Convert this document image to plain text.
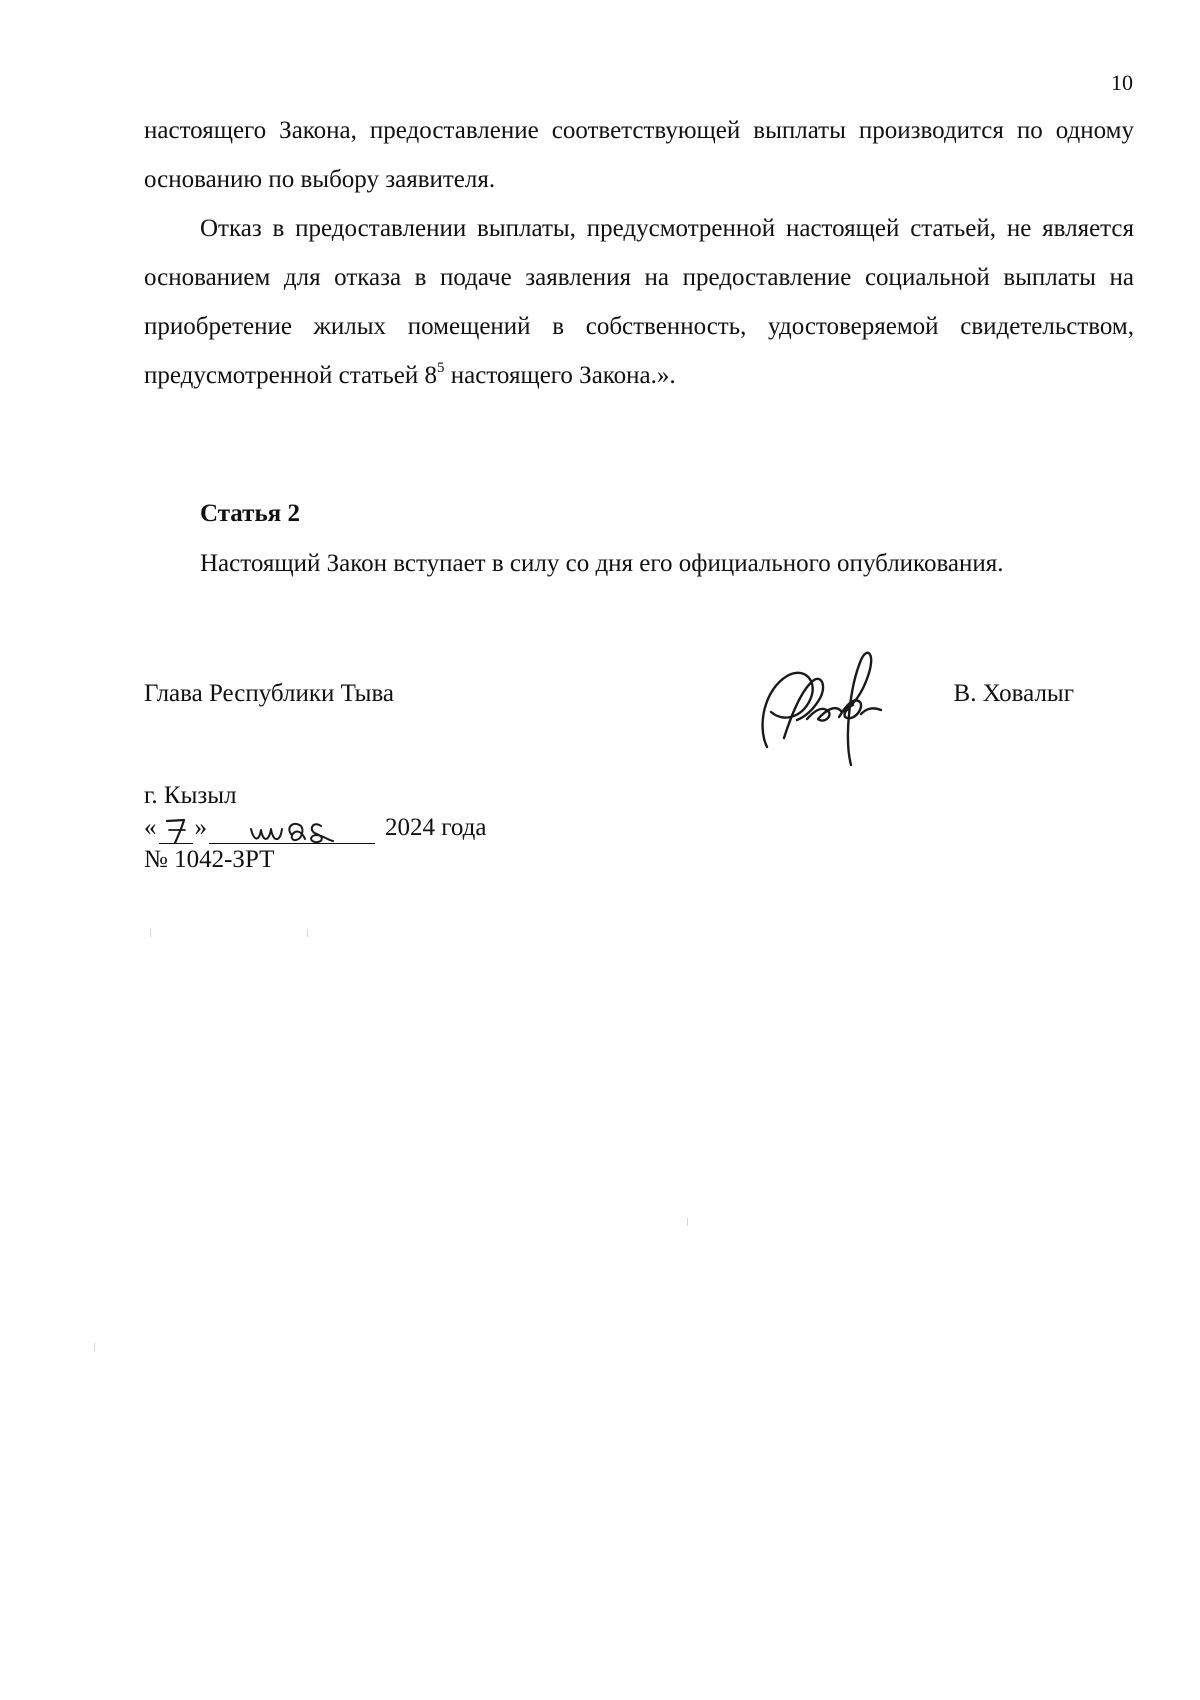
10

настоящего Закона, предоставление соответствующей выплаты производится по одному основанию по выбору заявителя.

Отказ в предоставлении выплаты, предусмотренной настоящей статьей, не является основанием для отказа в подаче заявления на предоставление социальной выплаты на приобретение жилых помещений в собственность, удостоверяемой свидетельством, предусмотренной статьей $8^5$ настоящего Закона.».

Статья 2
Настоящий Закон вступает в силу со дня его официального опубликования.
Глава Республики Тыва	В. Ховалыг
г. Кызыл
« »	2024 года
№ 1042-ЗРТ
